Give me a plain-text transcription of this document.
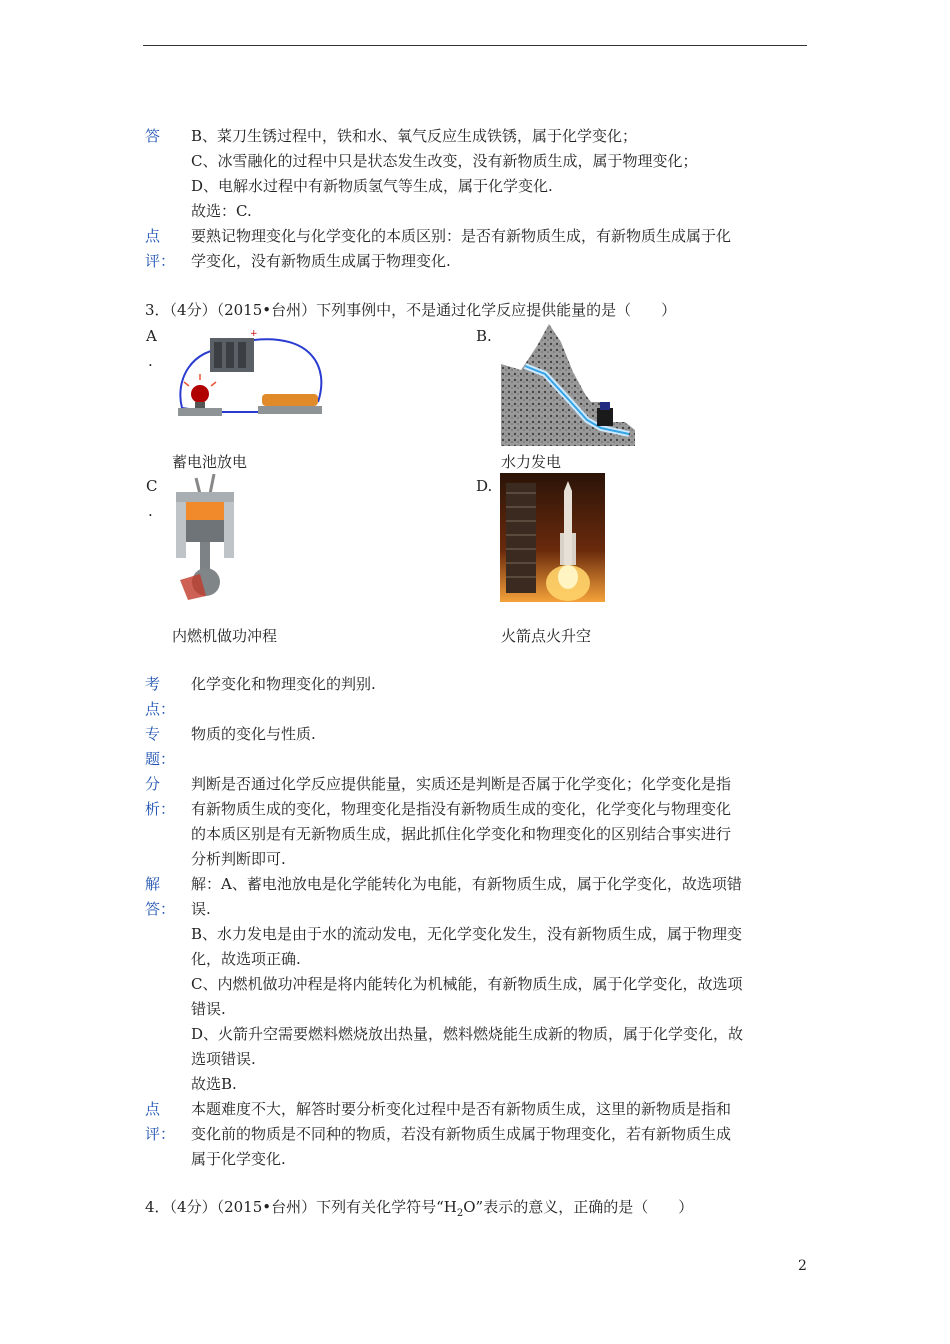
答	B、菜刀生锈过程中，铁和水、氧气反应生成铁锈，属于化学变化；
C、冰雪融化的过程中只是状态发生改变，没有新物质生成，属于物理变化；
D、电解水过程中有新物质氢气等生成，属于化学变化.
故选：C.
点
评：
要熟记物理变化与化学变化的本质区别：是否有新物质生成，有新物质生成属于化
学变化，没有新物质生成属于物理变化.
3．（4分）（2015•台州）下列事例中，不是通过化学反应提供能量的是（　　）
A
.
+
蓄电池放电
B.
水力发电
C
.
内燃机做功冲程
D.
火箭点火升空
考
点：
化学变化和物理变化的判别.
专
题：
物质的变化与性质.
分
析：
判断是否通过化学反应提供能量，实质还是判断是否属于化学变化；化学变化是指
有新物质生成的变化，物理变化是指没有新物质生成的变化，化学变化与物理变化
的本质区别是有无新物质生成，据此抓住化学变化和物理变化的区别结合事实进行
分析判断即可.
解
答：
解：A、蓄电池放电是化学能转化为电能，有新物质生成，属于化学变化，故选项错
误.
B、水力发电是由于水的流动发电，无化学变化发生，没有新物质生成，属于物理变
化，故选项正确.
C、内燃机做功冲程是将内能转化为机械能，有新物质生成，属于化学变化，故选项
错误.
D、火箭升空需要燃料燃烧放出热量，燃料燃烧能生成新的物质，属于化学变化，故
选项错误.
故选B.
点
评：
本题难度不大，解答时要分析变化过程中是否有新物质生成，这里的新物质是指和
变化前的物质是不同种的物质，若没有新物质生成属于物理变化，若有新物质生成
属于化学变化.
4．（4分）（2015•台州）下列有关化学符号“$H_2O$”表示的意义，正确的是（　　）
2
